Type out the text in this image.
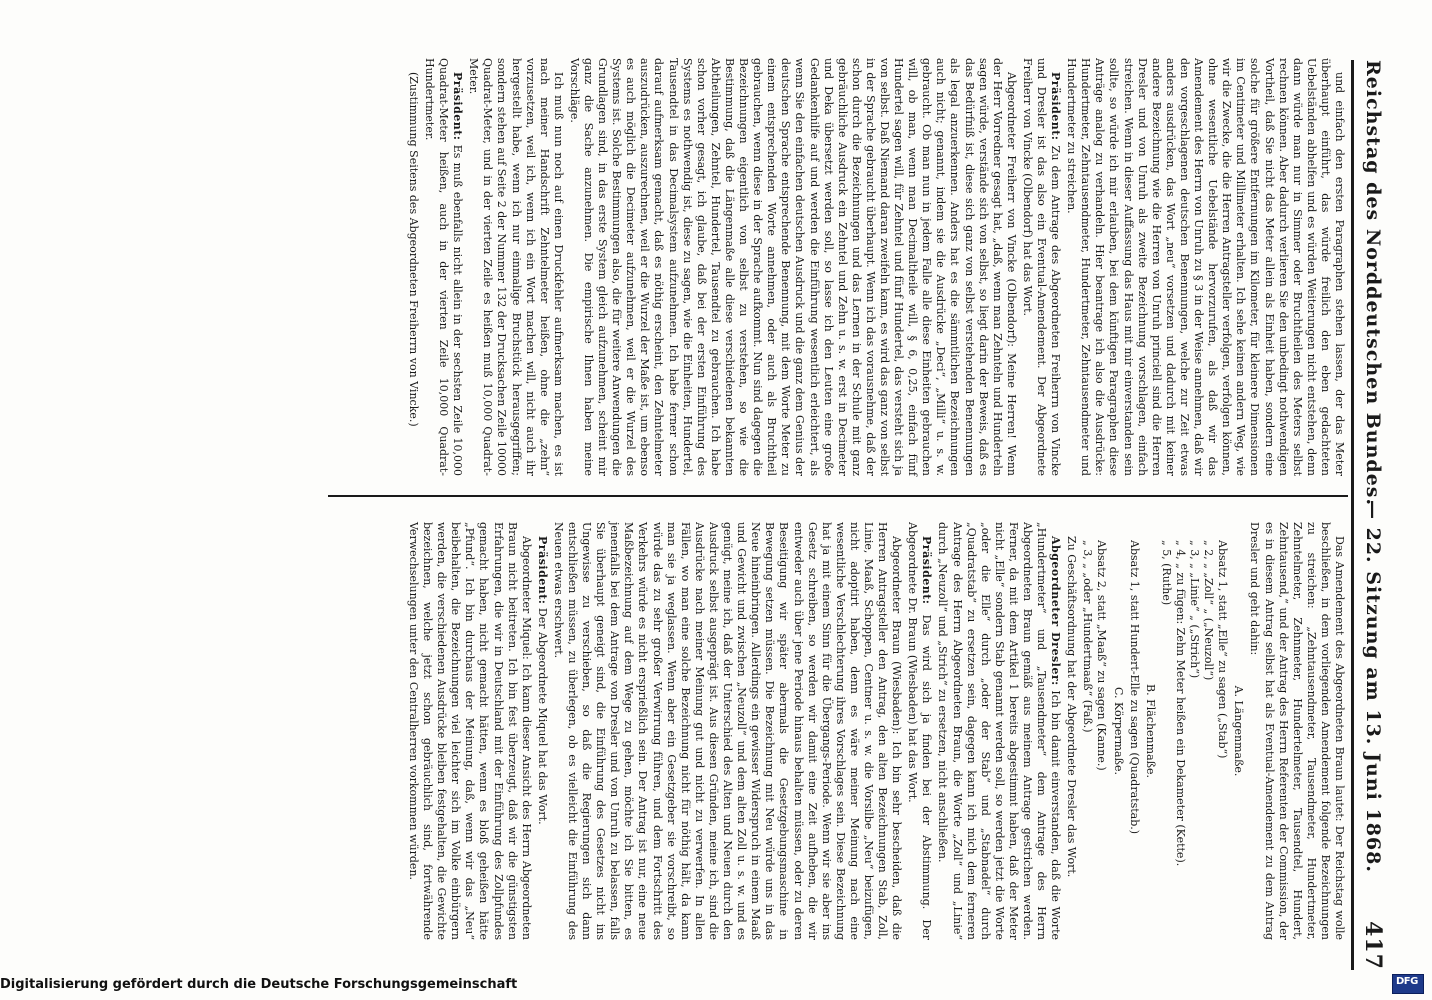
Reichstag des Norddeutschen Bundes.
— 22. Sitzung am 13. Juni 1868.
417

und einfach den ersten Paragraphen stehen lassen, der das Meter überhaupt einführt, das würde freilich den eben gedachteten Uebelständen abhelfen und es würden Weiterungen nicht entstehen, denn dann würde man nur in Simmer oder Bruchtheilen des Meters selbst rechnen können. Aber dadurch verlieren Sie den unbedingt nothwendigen Vortheil, daß Sie nicht das Meter allein als Einheit haben, sondern eine solche für größere Entfernungen im Kilometer, für kleinere Dimensionen im Centimeter und Millimeter erhalten. Ich sehe keinen andern Weg, wie wir die Zwecke, die die Herren Antragsteller verfolgen, verfolgen können, ohne wesentliche Uebelstände hervorzurufen, als daß wir das Amendement des Herrn von Unruh zu § 3 in der Weise annehmen, daß wir den vorgeschlagenen deutschen Benennungen, welche zur Zeit etwas anders ausdrücken, das Wort „neu“ vorsetzen und dadurch mit keiner andere Bezeichnung wie die Herren von Unruh princiell sind die Herren Dresler und von Unruh als zweite Bezeichnung vorschlagen, einfach streichen. Wenn in dieser Auffassung das Haus mit mir einverstanden sein sollte, so würde ich mir erlauben, bei dem künftigen Paragraphen diese Anträge analog zu verhandeln. Hier beantrage ich also die Ausdrücke: Hundertmeter, Zehntausendmeter, Hundertmeter, Zehntausendmeter und Hundertmeter zu streichen.

Präsident: Zu dem Antrage des Abgeordneten Freiherrn von Vincke und Dresler ist das also ein Eventual-Amendement. Der Abgeordnete Freiherr von Vincke (Olbendorf) hat das Wort.

Abgeordneter Freiherr von Vincke (Olbendorf): Meine Herren! Wenn der Herr Vorredner gesagt hat, „daß, wenn man Zehnteln und Hunderteln sagen würde, verstände sich von selbst, so liegt darin der Beweis, daß es das Bedürfniß ist, diese sich ganz von selbst verstehenden Benennungen als legal anzuerkennen. Anders hat es die sämmtlichen Bezeichnungen auch nicht; genannt, indem sie die Ausdrücke „Deci“, „Milli“ u. s. w. gebraucht. Ob man nun in jedem Falle alle diese Einheiten gebrauchen will, ob man, wenn man Decimaltheile will, § 6, 0,25, einfach fünf Hundertel sagen will, für Zehntel und fünf Hundertel, das versteht sich ja von selbst. Daß Niemand daran zweifeln kann, es wird das ganz von selbst in der Sprache gebraucht überhaupt. Wenn ich das vorausnehme, daß der schon durch die Bezeichnungen und das Lernen in der Schule mit ganz gebräuchliche Ausdruck ein Zehntel und Zehn u. s. w. erst in Decimeter und Deka übersetzt werden soll, so lasse ich den Leuten eine große Gedankenhilfe auf und werden die Einführung wesentlich erleichtert, als wenn Sie den einfachen deutschen Ausdruck und die ganz dem Genius der deutschen Sprache entsprechende Benennung, mit dem Worte Meter zu einem entsprechenden Worte annehmen, oder auch als Bruchtheil gebrauchen, wenn diese in der Sprache aufkommt. Nun sind dagegen die Bezeichnungen eigentlich von selbst zu verstehen, so wie die Bestimmung, daß die Längenmaße alle diese verschiedenen bekannten Abtheilungen, Zehntel, Hundertel, Tausendtel zu gebrauchen. Ich habe schon vorher gesagt, ich glaube, daß bei der ersten Einführung des Systems es nothwendig ist, diese zu sagen, wie die Einheiten, Hundertel, Tausendtel in das Decimalsystem aufzunehmen. Ich habe ferner schon darauf aufmerksam gemacht, daß es nöthig erscheint, den Zehntelmeter auszudrücken, auszurechnen, weil er die Wurzel der Maße ist, um ebenso es auch möglich die Decimeter aufzunehmen, weil er die Wurzel des Systems ist. Solche Bestimmungen also, die für weitere Anwendungen die Grundlagen sind, in das erste System gleich aufzunehmen, scheint mir ganz die Sache anzunehmen. Die empirische Ihnen haben meine Vorschläge.

Ich muß nun noch auf einen Druckfehler aufmerksam machen, es ist nach meiner Handschrift Zehntelmeter heißen, ohne die „zehn“ vorzusetzen, weil ich, wenn ich ein Wort machen will, nicht auch ihr hergestellt habe, wenn ich nur einmalige Bruchstück herausgegriffen; sondern stehen auf Seite 2 der Nummer 132 der Drucksachen Zeile 10000 Quadrat-Meter, und in der vierten Zeile es heißen muß 10,000 Quadrat-Meter.

Präsident: Es muß ebenfalls nicht allein in der sechsten Zeile 10,000 Quadrat-Meter heißen, auch in der vierten Zeile 10,000 Quadrat-Hundertmeter.

(Zustimmung Seitens des Abgeordneten Freiherrn von Vincke.)

Das Amendement des Abgeordneten Braun lautet: Der Reichstag wolle beschließen, in dem vorliegenden Amendement folgende Bezeichnungen zu streichen: „Zehntausendmeter, Tausendmeter, Hundertmeter, Zehntelmeter, Zehnmeter, Hundertelmeter, Tausendtel, Hundert, Zehntausend,“ und der Antrag des Herrn Referenten der Commission, der es in diesem Antrag selbst hat als Eventual-Amendement zu dem Antrag Dresler und geht dahin:

A. Längenmaße.

Absatz 1, statt „Elle“ zu sagen („Stab“)
„ 2, „ „Zoll“ „ („Neuzoll“)
„ 3, „ „Linie“ „ („Strich“)
„ 4, „ zu fügen: Zehn Meter heißen ein Dekameter (Kette).
„ 5, (Ruthe)

B. Flächenmaße.

Absatz 1, statt Hundert-Elle zu sagen (Quadratstab.)

C. Körpermaße.

Absatz 2, statt „Maaß“ zu sagen (Kanne.)
„ 3, „ „oder „Hundertmaaß“ (Faß.)

Zu Geschäftsordnung hat der Abgeordnete Dresler das Wort.

Abgeordneter Dresler: Ich bin damit einverstanden, daß die Worte „Hundertmeter“ und „Tausendmeter“ dem Antrage des Herrn Abgeordneten Braun gemäß aus meinem Antrage gestrichen werden. Ferner, da mit dem Artikel 1 bereits abgestimmt haben, daß der Meter nicht „Elle“ sondern Stab genannt werden soll, so werden jetzt die Worte „oder die Elle“ durch „oder der Stab“ und „Stabnadel“ durch „Quadratstab“ zu ersetzen sein, dagegen kann ich mich dem ferneren Antrage des Herrn Abgeordneten Braun, die Worte „Zoll“ und „Linie“ durch „Neuzoll“ und „Strich“ zu ersetzen, nicht anschließen.

Präsident: Das wird sich ja finden bei der Abstimmung. Der Abgeordnete Dr. Braun (Wiesbaden) hat das Wort.

Abgeordneter Braun (Wiesbaden): Ich bin sehr bescheiden, daß die Herren Antragsteller den Antrag, den alten Bezeichnungen Stab, Zoll, Linie, Maaß, Schoppen, Centner u. s. w. die Vorsilbe „Neu“ beizufügen, nicht adoptirt haben, denn es wäre meiner Meinung nach eine wesentliche Verschlechterung ihres Vorschlages sein. Diese Bezeichnung hat ja mit einem Sinn für die Übergangs-Periode. Wenn wir sie aber ins Gesetz schreiben, so werden wir damit eine Zeit aufheben, die wir entweder auch über jene Periode hinaus behalten müssen, oder zu deren Beseitigung wir später abermals die Gesetzgebungsmaschine in Bewegung setzen müssen. Die Bezeichnung mit Neu würde uns in das Neue hineinbringen. Allerdings ein gewisser Widerspruch in einem Maaß und Gewicht und zwischen „Neuzoll“ und dem alten Zoll u. s. w. und es genügt, meine ich, daß der Unterschied des Alten und Neuen durch den Ausdruck selbst ausgeprägt ist. Aus diesen Gründen, meine ich, sind die Ausdrücke nach meiner Meinung gut und nicht zu verwerfen. In allen Fällen, wo man eine solche Bezeichnung nicht für nöthig hält, da kann man sie ja weglassen. Wenn aber ein Gesetzgeber sie vorschreibt, so würde das zu sehr großer Verwirrung führen, und dem Fortschritt des Verkehrs würde es nicht ersprießlich sein. Der Antrag ist nur, eine neue Maßbezeichnung auf dem Wege zu gehen, möchte ich Sie bitten, es jenenfalls bei dem Antrage von Dresler und von Unruh zu belassen, falls Sie überhaupt geneigt sind, die Einführung des Gesetzes nicht ins Ungewisse zu verschieben, so daß die Regierungen sich dann entschließen müssen, zu überlegen, ob es vielleicht die Einführung des Neuen etwas erschwert.

Präsident: Der Abgeordnete Miquel hat das Wort.

Abgeordneter Miquel: Ich kann dieser Ansicht des Herrn Abgeordneten Braun nicht beitreten. Ich bin fest überzeugt, daß wir die günstigsten Erfahrungen, die wir in Deutschland mit der Einführung des Zollpfundes gemacht haben, nicht gemacht hätten, wenn es bloß geheißen hätte „Pfund“. Ich bin durchaus der Meinung, daß, wenn wir das „Neu“ beibehalten, die Bezeichnungen viel leichter sich im Volke einbürgern werden, die verschiedenen Ausdrücke bleiben festgehalten, die Gewichte bezeichnen, welche jetzt schon gebräuchlich sind, fortwährende Verwechselungen unter den Centralherren vorkommen würden.

Digitalisierung gefördert durch die Deutsche Forschungsgemeinschaft	DFG
